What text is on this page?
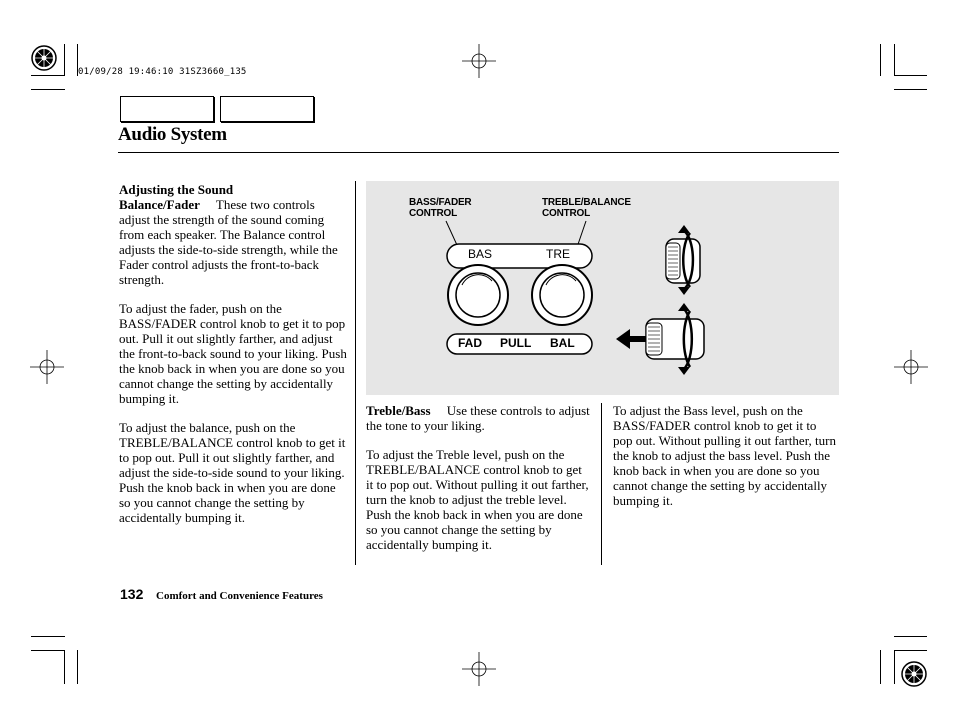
01/09/28 19:46:10 31SZ3660_135
Audio System

Adjusting the Sound
Balance/Fader These two controls adjust the strength of the sound coming from each speaker. The Balance control adjusts the side-to-side strength, while the Fader control adjusts the front-to-back strength.

To adjust the fader, push on the BASS/FADER control knob to get it to pop out. Pull it out slightly farther, and adjust the front-to-back sound to your liking. Push the knob back in when you are done so you cannot change the setting by accidentally bumping it.

To adjust the balance, push on the TREBLE/BALANCE control knob to get it to pop out. Pull it out slightly farther, and adjust the side-to-side sound to your liking. Push the knob back in when you are done so you cannot change the setting by accidentally bumping it.

BASS/FADER
CONTROL
TREBLE/BALANCE
CONTROL
BAS	TRE
FAD PULL BAL

Treble/Bass Use these controls to adjust the tone to your liking.

To adjust the Treble level, push on the TREBLE/BALANCE control knob to get it to pop out. Without pulling it out farther, turn the knob to adjust the treble level. Push the knob back in when you are done so you cannot change the setting by accidentally bumping it.

To adjust the Bass level, push on the BASS/FADER control knob to get it to pop out. Without pulling it out farther, turn the knob to adjust the bass level. Push the knob back in when you are done so you cannot change the setting by accidentally bumping it.

132 Comfort and Convenience Features
